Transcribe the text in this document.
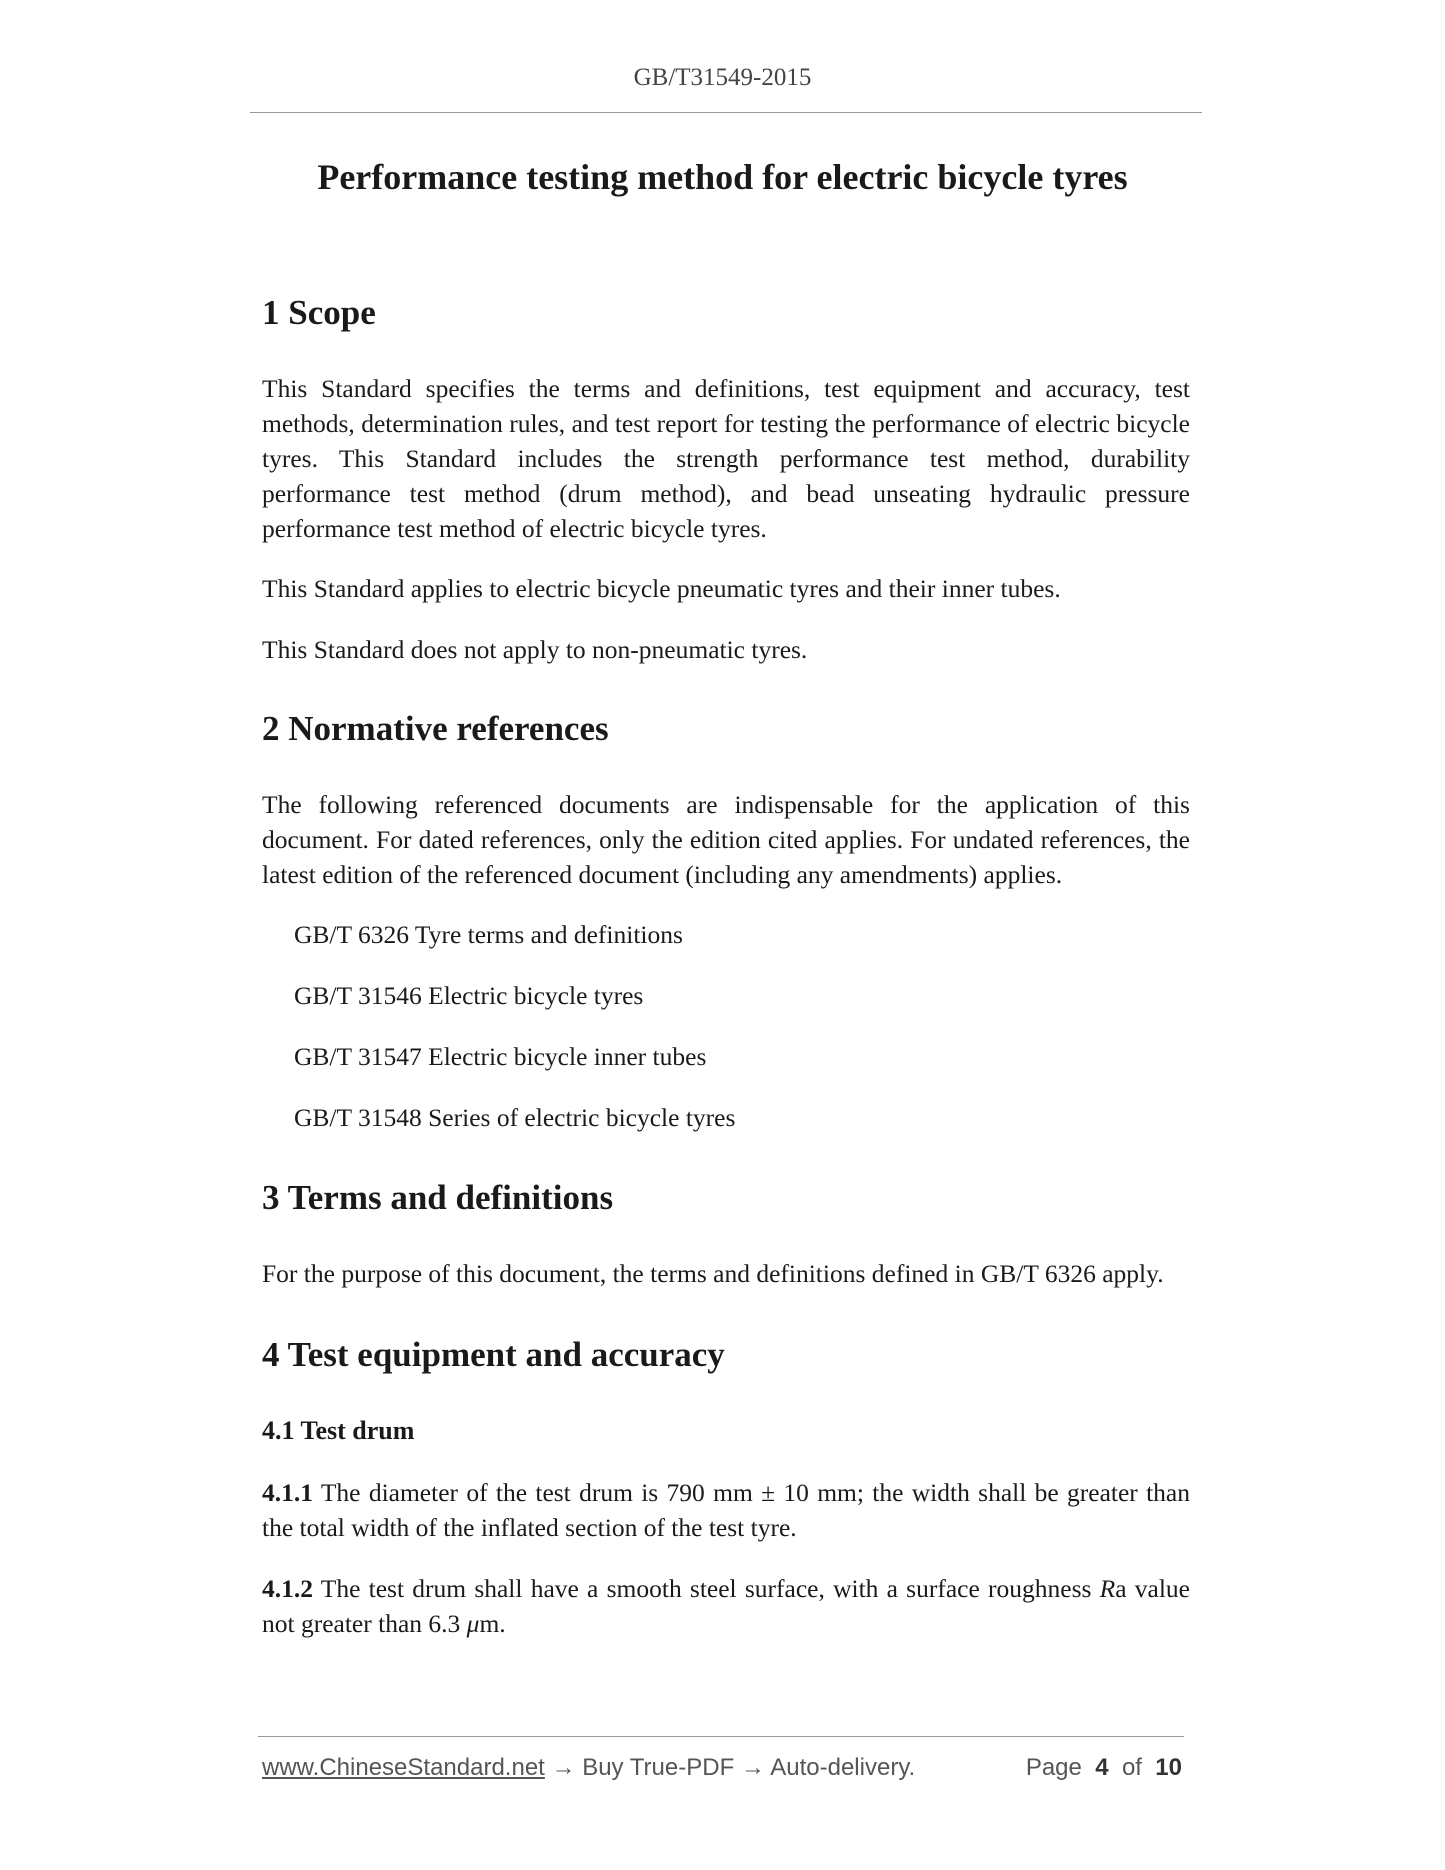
GB/T31549-2015
Performance testing method for electric bicycle tyres
1 Scope

This Standard specifies the terms and definitions, test equipment and accuracy, test methods, determination rules, and test report for testing the performance of electric bicycle tyres. This Standard includes the strength performance test method, durability performance test method (drum method), and bead unseating hydraulic pressure performance test method of electric bicycle tyres.

This Standard applies to electric bicycle pneumatic tyres and their inner tubes.

This Standard does not apply to non-pneumatic tyres.

2 Normative references

The following referenced documents are indispensable for the application of this document. For dated references, only the edition cited applies. For undated references, the latest edition of the referenced document (including any amendments) applies.

GB/T 6326 Tyre terms and definitions

GB/T 31546 Electric bicycle tyres

GB/T 31547 Electric bicycle inner tubes

GB/T 31548 Series of electric bicycle tyres

3 Terms and definitions

For the purpose of this document, the terms and definitions defined in GB/T 6326 apply.

4 Test equipment and accuracy
4.1 Test drum

4.1.1 The diameter of the test drum is 790 mm ± 10 mm; the width shall be greater than the total width of the inflated section of the test tyre.

4.1.2 The test drum shall have a smooth steel surface, with a surface roughness Ra value not greater than 6.3 μm.

www.ChineseStandard.net → Buy True-PDF → Auto-delivery.	Page 4 of 10
